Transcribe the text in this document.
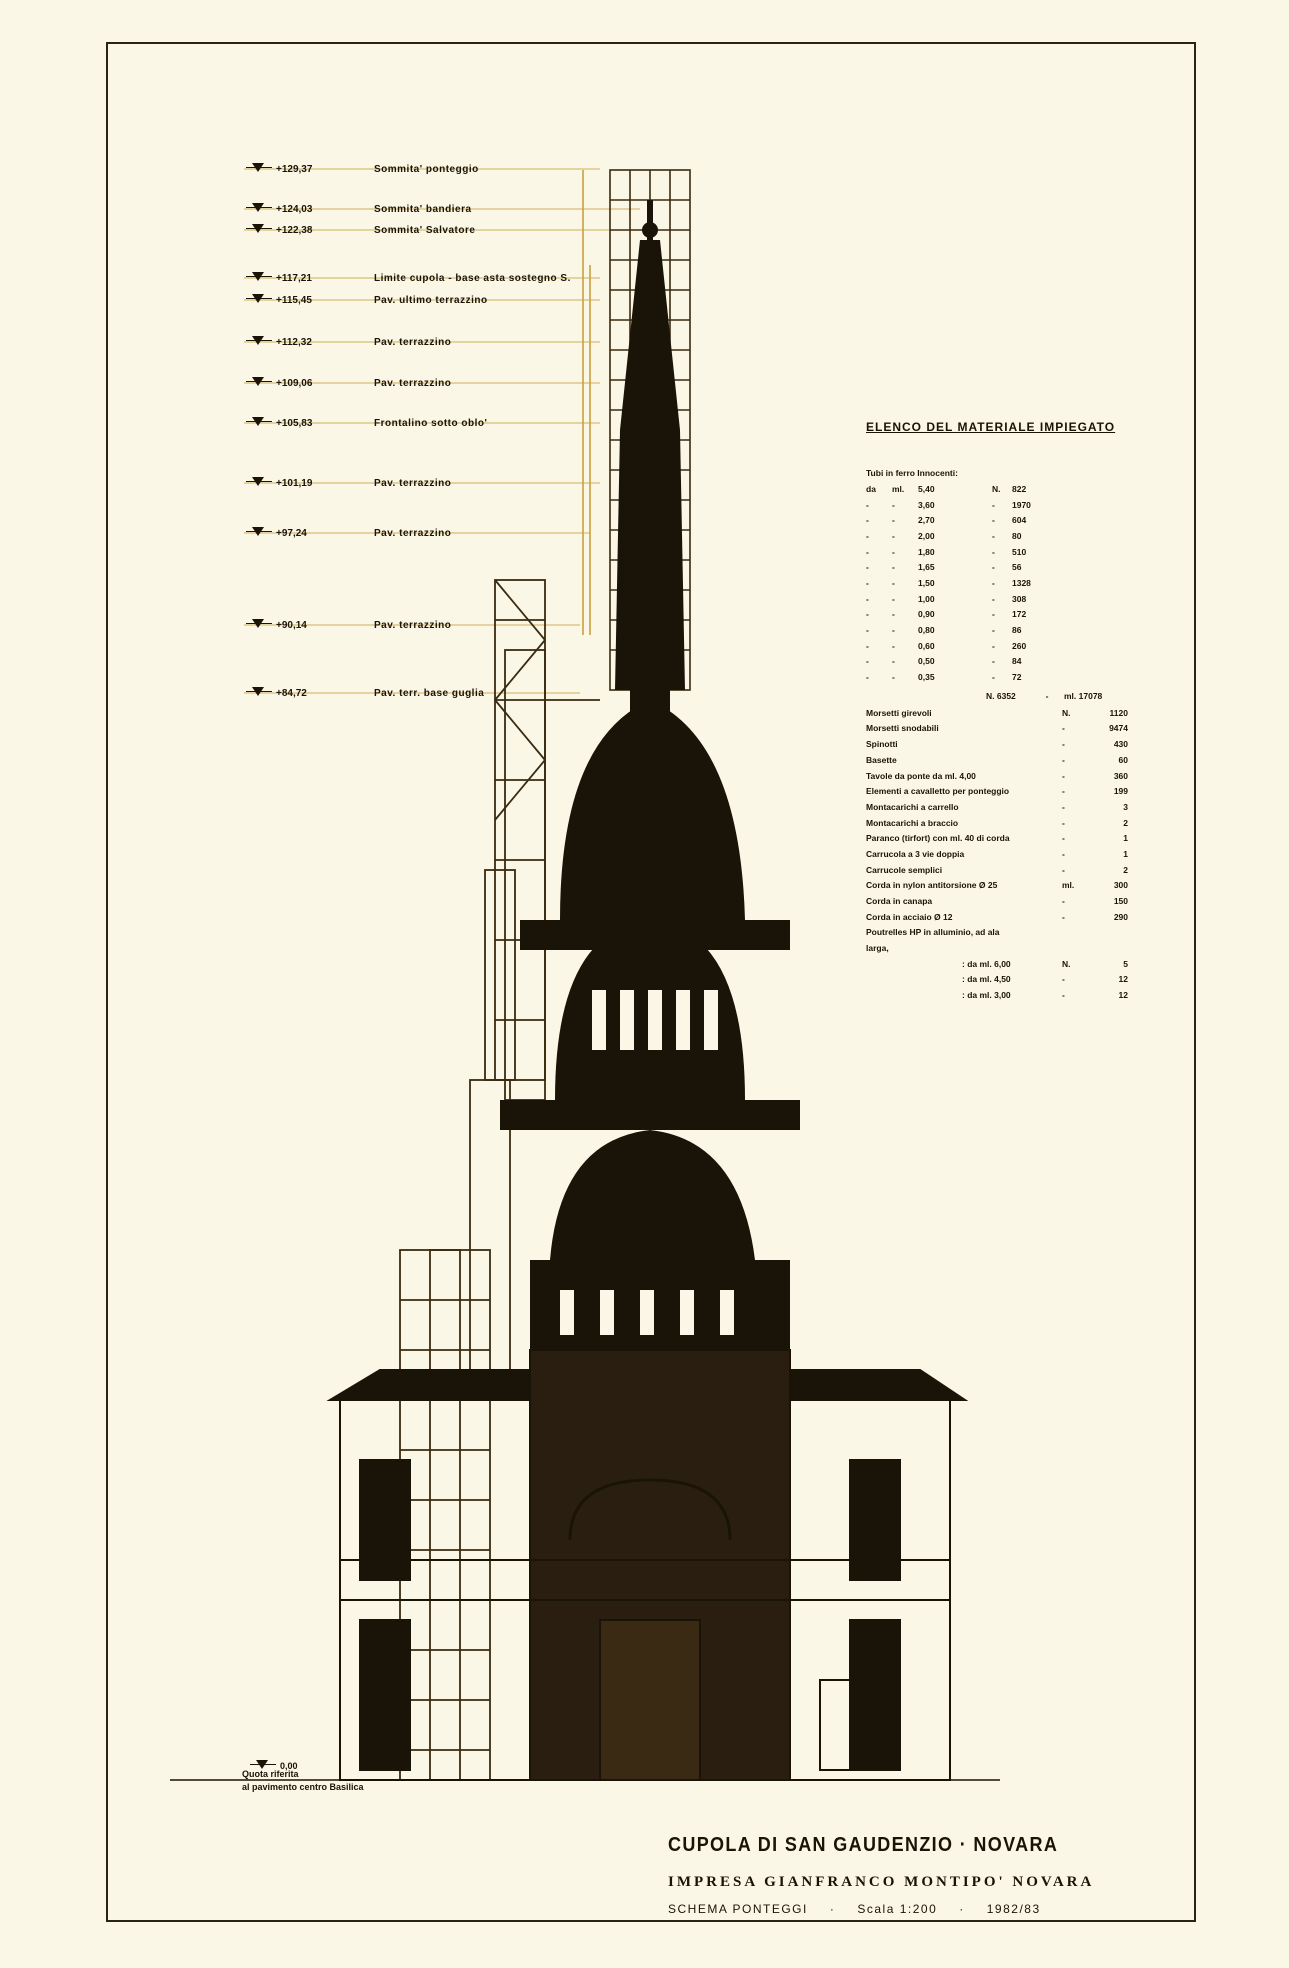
+129,37	Sommita' ponteggio
+124,03	Sommita' bandiera
+122,38	Sommita' Salvatore
+117,21	Limite cupola - base asta sostegno S.
+115,45	Pav. ultimo terrazzino
+112,32	Pav. terrazzino
+109,06	Pav. terrazzino
+105,83	Frontalino sotto oblo'
+101,19	Pav. terrazzino
+97,24	Pav. terrazzino
+90,14	Pav. terrazzino
+84,72	Pav. terr. base guglia
0,00
Quota riferita
al pavimento centro Basilica
ELENCO DEL MATERIALE IMPIEGATO
Tubi in ferro Innocenti:
da	ml.	5,40	N.	822
-	-	3,60	-	1970
-	-	2,70	-	604
-	-	2,00	-	80
-	-	1,80	-	510
-	-	1,65	-	56
-	-	1,50	-	1328
-	-	1,00	-	308
-	-	0,90	-	172
-	-	0,80	-	86
-	-	0,60	-	260
-	-	0,50	-	84
-	-	0,35	-	72
N. 6352	-	ml. 17078
Morsetti girevoli	N.	1120
Morsetti snodabili	-	9474
Spinotti	-	430
Basette	-	60
Tavole da ponte da ml. 4,00	-	360
Elementi a cavalletto per ponteggio	-	199
Montacarichi a carrello	-	3
Montacarichi a braccio	-	2
Paranco (tirfort) con ml. 40 di corda	-	1
Carrucola a 3 vie doppia	-	1
Carrucole semplici	-	2
Corda in nylon antitorsione Ø 25	ml.	300
Corda in canapa	-	150
Corda in acciaio Ø 12	-	290
Poutrelles HP in alluminio, ad ala
larga,
: da ml. 6,00	N.	5
: da ml. 4,50	-	12
: da ml. 3,00	-	12
CUPOLA DI SAN GAUDENZIO · NOVARA
IMPRESA GIANFRANCO MONTIPO' NOVARA
SCHEMA PONTEGGI · Scala 1:200 · 1982/83
